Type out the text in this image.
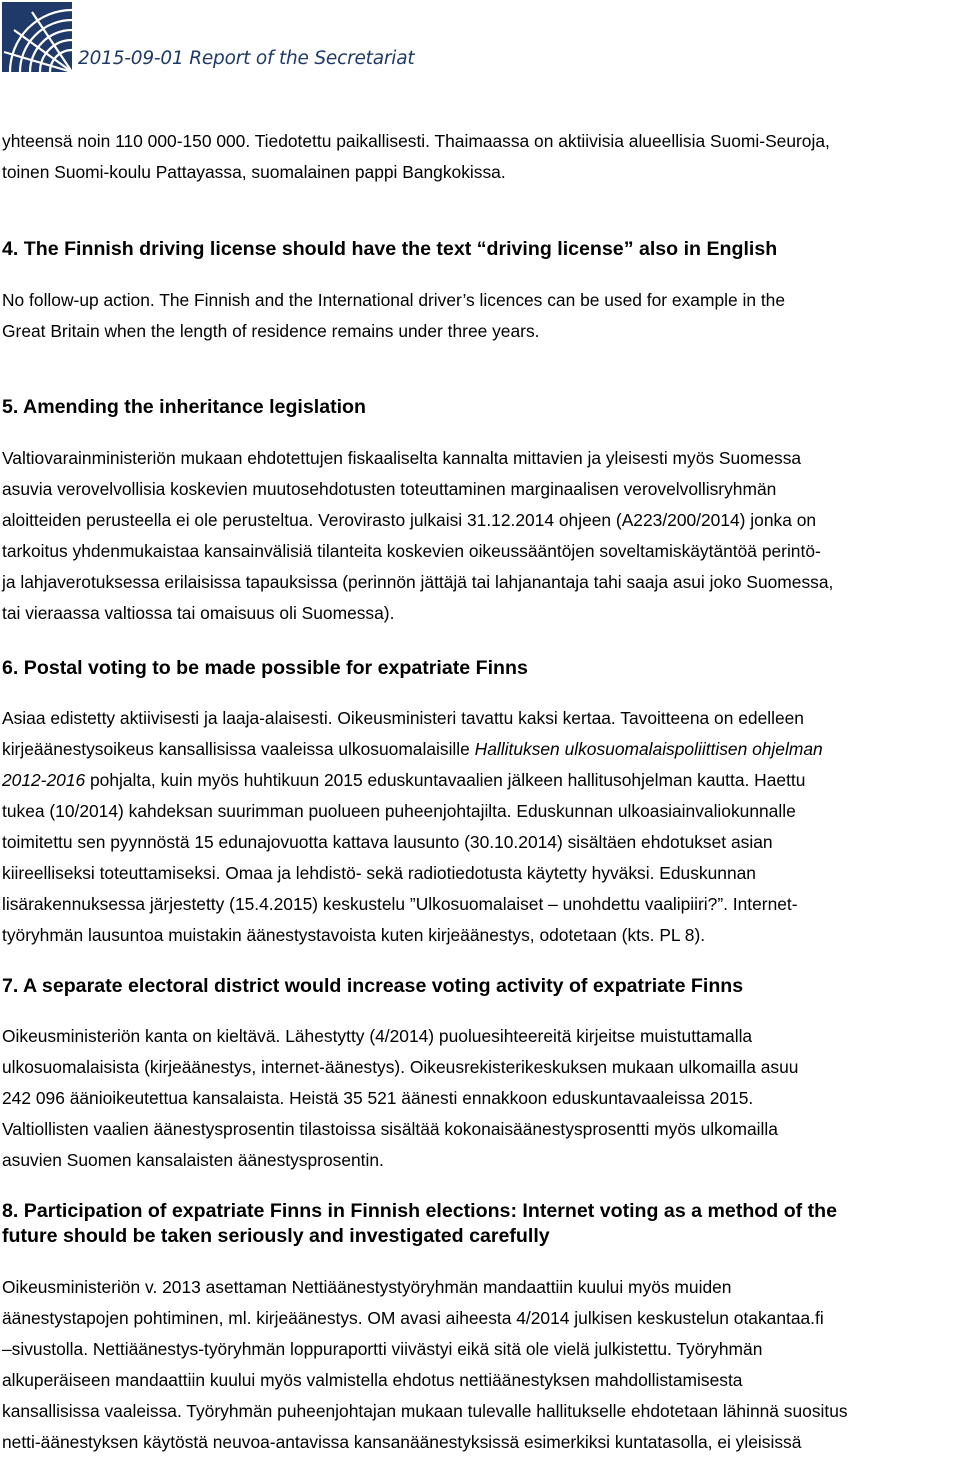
2015-09-01 Report of the Secretariat
yhteensä noin 110 000-150 000. Tiedotettu paikallisesti. Thaimaassa on aktiivisia alueellisia Suomi-Seuroja,
toinen Suomi-koulu Pattayassa, suomalainen pappi Bangkokissa.
4. The Finnish driving license should have the text “driving license” also in English
No follow-up action. The Finnish and the International driver’s licences can be used for example in the
Great Britain when the length of residence remains under three years.
5. Amending the inheritance legislation
Valtiovarainministeriön mukaan ehdotettujen fiskaaliselta kannalta mittavien ja yleisesti myös Suomessa
asuvia verovelvollisia koskevien muutosehdotusten toteuttaminen marginaalisen verovelvollisryhmän
aloitteiden perusteella ei ole perusteltua. Verovirasto julkaisi 31.12.2014 ohjeen (A223/200/2014) jonka on
tarkoitus yhdenmukaistaa kansainvälisiä tilanteita koskevien oikeussääntöjen soveltamiskäytäntöä perintö-
ja lahjaverotuksessa erilaisissa tapauksissa (perinnön jättäjä tai lahjanantaja tahi saaja asui joko Suomessa,
tai vieraassa valtiossa tai omaisuus oli Suomessa).
6. Postal voting to be made possible for expatriate Finns
Asiaa edistetty aktiivisesti ja laaja-alaisesti. Oikeusministeri tavattu kaksi kertaa. Tavoitteena on edelleen
kirjeäänestysoikeus kansallisissa vaaleissa ulkosuomalaisille Hallituksen ulkosuomalaispoliittisen ohjelman
2012-2016 pohjalta, kuin myös huhtikuun 2015 eduskuntavaalien jälkeen hallitusohjelman kautta. Haettu
tukea (10/2014) kahdeksan suurimman puolueen puheenjohtajilta. Eduskunnan ulkoasiainvaliokunnalle
toimitettu sen pyynnöstä 15 edunajovuotta kattava lausunto (30.10.2014) sisältäen ehdotukset asian
kiireelliseksi toteuttamiseksi. Omaa ja lehdistö- sekä radiotiedotusta käytetty hyväksi. Eduskunnan
lisärakennuksessa järjestetty (15.4.2015) keskustelu ”Ulkosuomalaiset – unohdettu vaalipiiri?”. Internet-
työryhmän lausuntoa muistakin äänestystavoista kuten kirjeäänestys, odotetaan (kts. PL 8).
7. A separate electoral district would increase voting activity of expatriate Finns
Oikeusministeriön kanta on kieltävä. Lähestytty (4/2014) puoluesihteereitä kirjeitse muistuttamalla
ulkosuomalaisista (kirjeäänestys, internet-äänestys). Oikeusrekisterikeskuksen mukaan ulkomailla asuu
242 096 äänioikeutettua kansalaista. Heistä 35 521 äänesti ennakkoon eduskuntavaaleissa 2015.
Valtiollisten vaalien äänestysprosentin tilastoissa sisältää kokonaisäänestysprosentti myös ulkomailla
asuvien Suomen kansalaisten äänestysprosentin.
8. Participation of expatriate Finns in Finnish elections: Internet voting as a method of the
future should be taken seriously and investigated carefully
Oikeusministeriön v. 2013 asettaman Nettiäänestystyöryhmän mandaattiin kuului myös muiden
äänestystapojen pohtiminen, ml. kirjeäänestys. OM avasi aiheesta 4/2014 julkisen keskustelun otakantaa.fi
–sivustolla. Nettiäänestys-työryhmän loppuraportti viivästyi eikä sitä ole vielä julkistettu. Työryhmän
alkuperäiseen mandaattiin kuului myös valmistella ehdotus nettiäänestyksen mahdollistamisesta
kansallisissa vaaleissa. Työryhmän puheenjohtajan mukaan tulevalle hallitukselle ehdotetaan lähinnä suositus
netti-äänestyksen käytöstä neuvoa-antavissa kansanäänestyksissä esimerkiksi kuntatasolla, ei yleisissä
